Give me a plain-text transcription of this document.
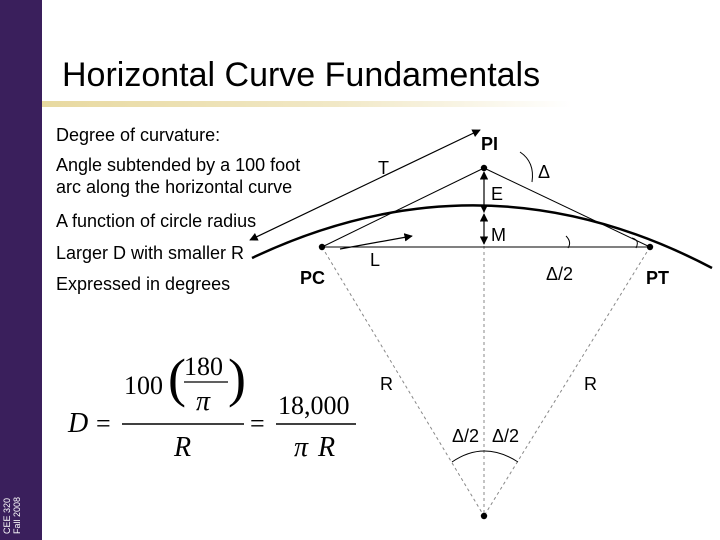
CEE 320 Fall 2008
Horizontal Curve Fundamentals
Degree of curvature:
Angle subtended by a 100 foot
arc along the horizontal curve
A function of circle radius
Larger D with smaller R
Expressed in degrees
PI
PC	PT
T	Δ
E
M
L
Δ/2
R	R
Δ/2 Δ/2
D =
100 (
180
π )
R
=
18,000
π R
